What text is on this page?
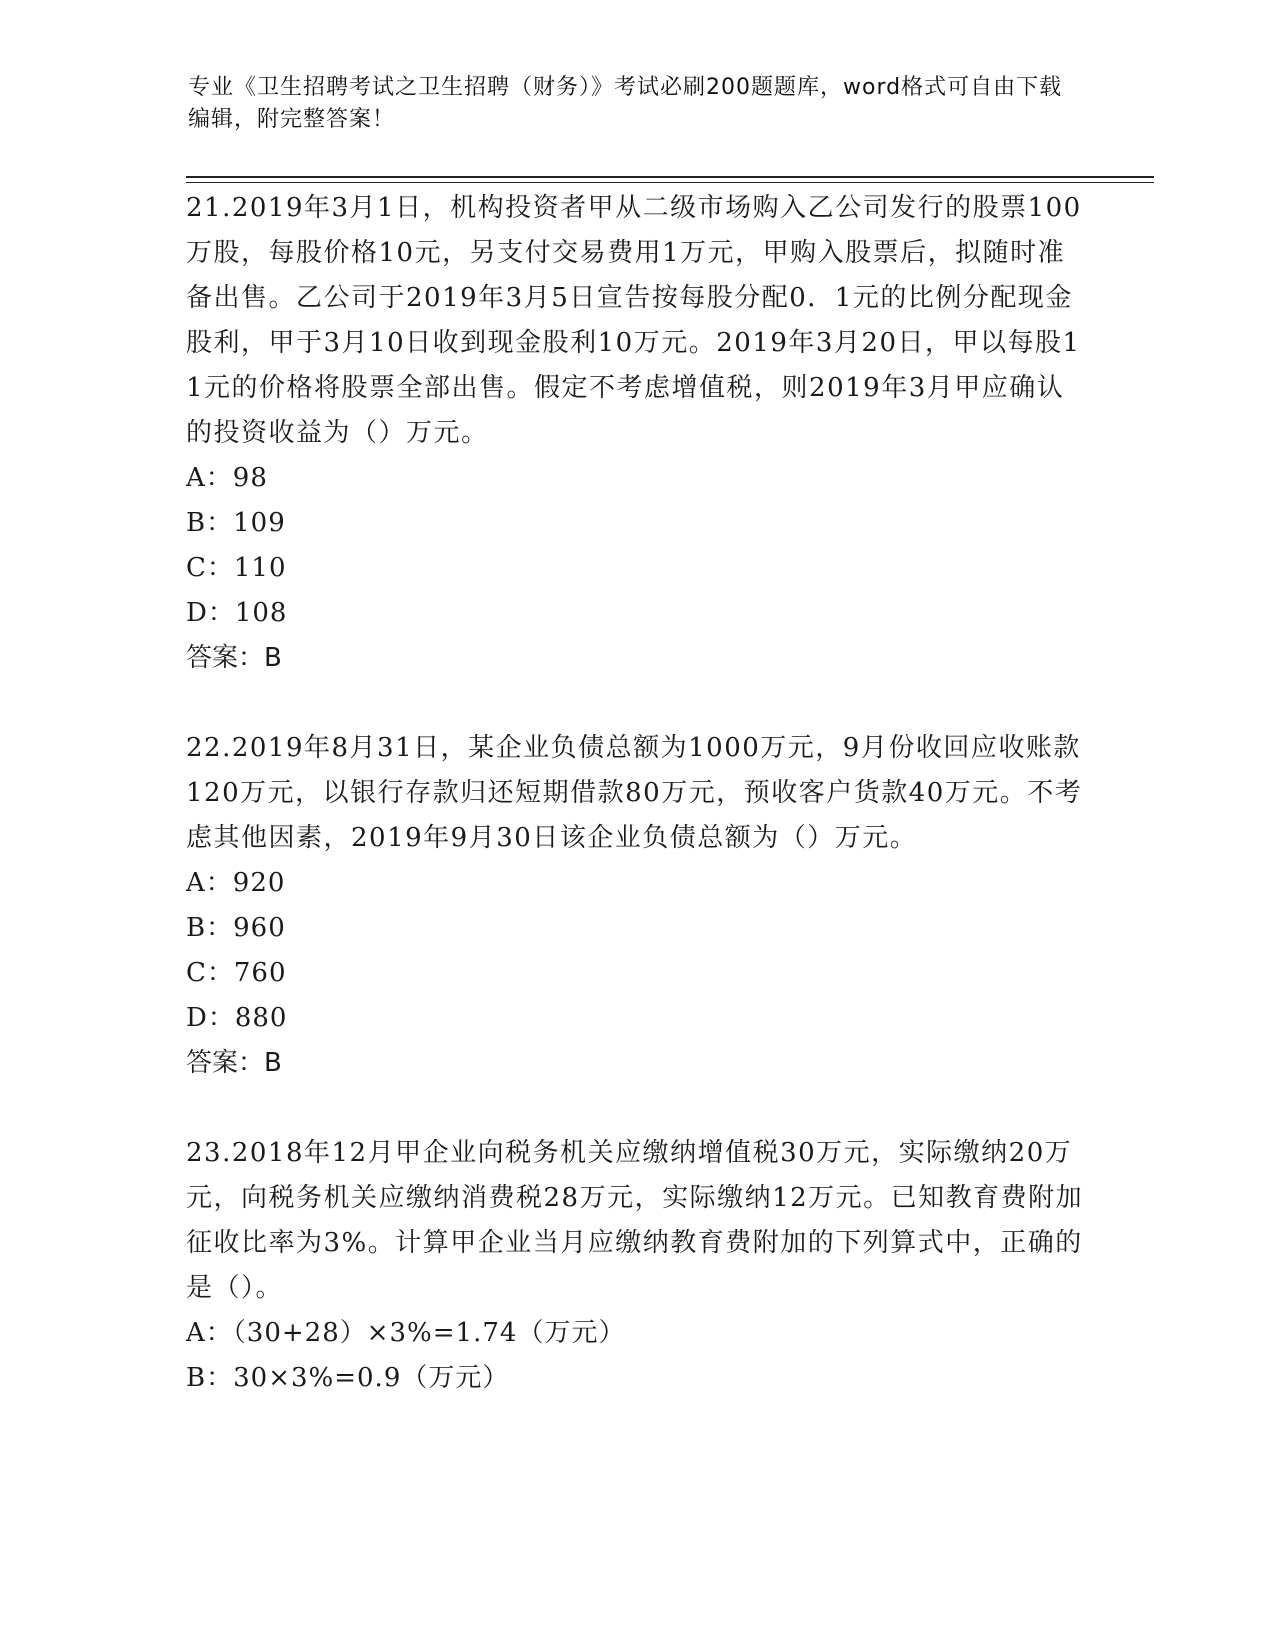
专业《卫生招聘考试之卫生招聘（财务）》考试必刷200题题库，word格式可自由下载编辑，附完整答案！

21.2019年3月1日，机构投资者甲从二级市场购入乙公司发行的股票100万股，每股价格10元，另支付交易费用1万元，甲购入股票后，拟随时准备出售。乙公司于2019年3月5日宣告按每股分配0．1元的比例分配现金股利，甲于3月10日收到现金股利10万元。2019年3月20日，甲以每股11元的价格将股票全部出售。假定不考虑增值税，则2019年3月甲应确认的投资收益为（）万元。

A：98

B：109

C：110

D：108

答案：B

22.2019年8月31日，某企业负债总额为1000万元，9月份收回应收账款120万元，以银行存款归还短期借款80万元，预收客户货款40万元。不考虑其他因素，2019年9月30日该企业负债总额为（）万元。

A：920

B：960

C：760

D：880

答案：B

23.2018年12月甲企业向税务机关应缴纳增值税30万元，实际缴纳20万元，向税务机关应缴纳消费税28万元，实际缴纳12万元。已知教育费附加征收比率为3%。计算甲企业当月应缴纳教育费附加的下列算式中，正确的是（）。

A：（30+28）×3%=1.74（万元）

B：30×3%=0.9（万元）
